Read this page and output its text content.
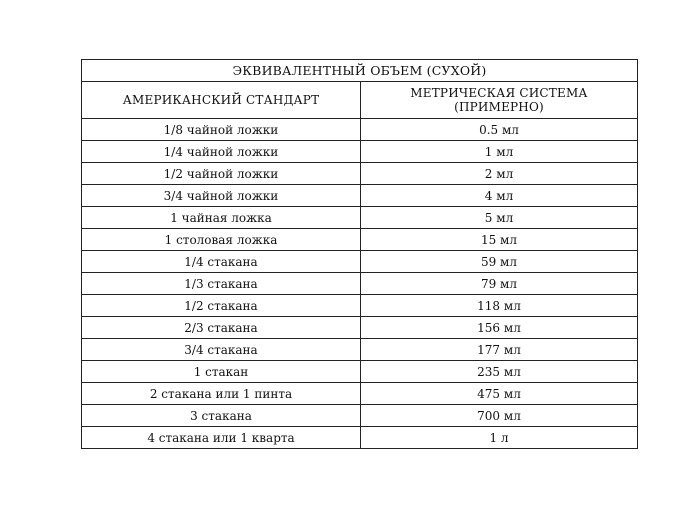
ЭКВИВАЛЕНТНЫЙ ОБЪЕМ (СУХОЙ)	
АМЕРИКАНСКИЙ СТАНДАРТ	МЕТРИЧЕСКАЯ СИСТЕМА
(ПРИМЕРНО)

1/8 чайной ложки	0.5 мл
1/4 чайной ложки	1 мл
1/2 чайной ложки	2 мл
3/4 чайной ложки	4 мл
1 чайная ложка	5 мл
1 столовая ложка	15 мл
1/4 стакана	59 мл
1/3 стакана	79 мл
1/2 стакана	118 мл
2/3 стакана	156 мл
3/4 стакана	177 мл
1 стакан	235 мл
2 стакана или 1 пинта	475 мл
3 стакана	700 мл
4 стакана или 1 кварта	1 л
